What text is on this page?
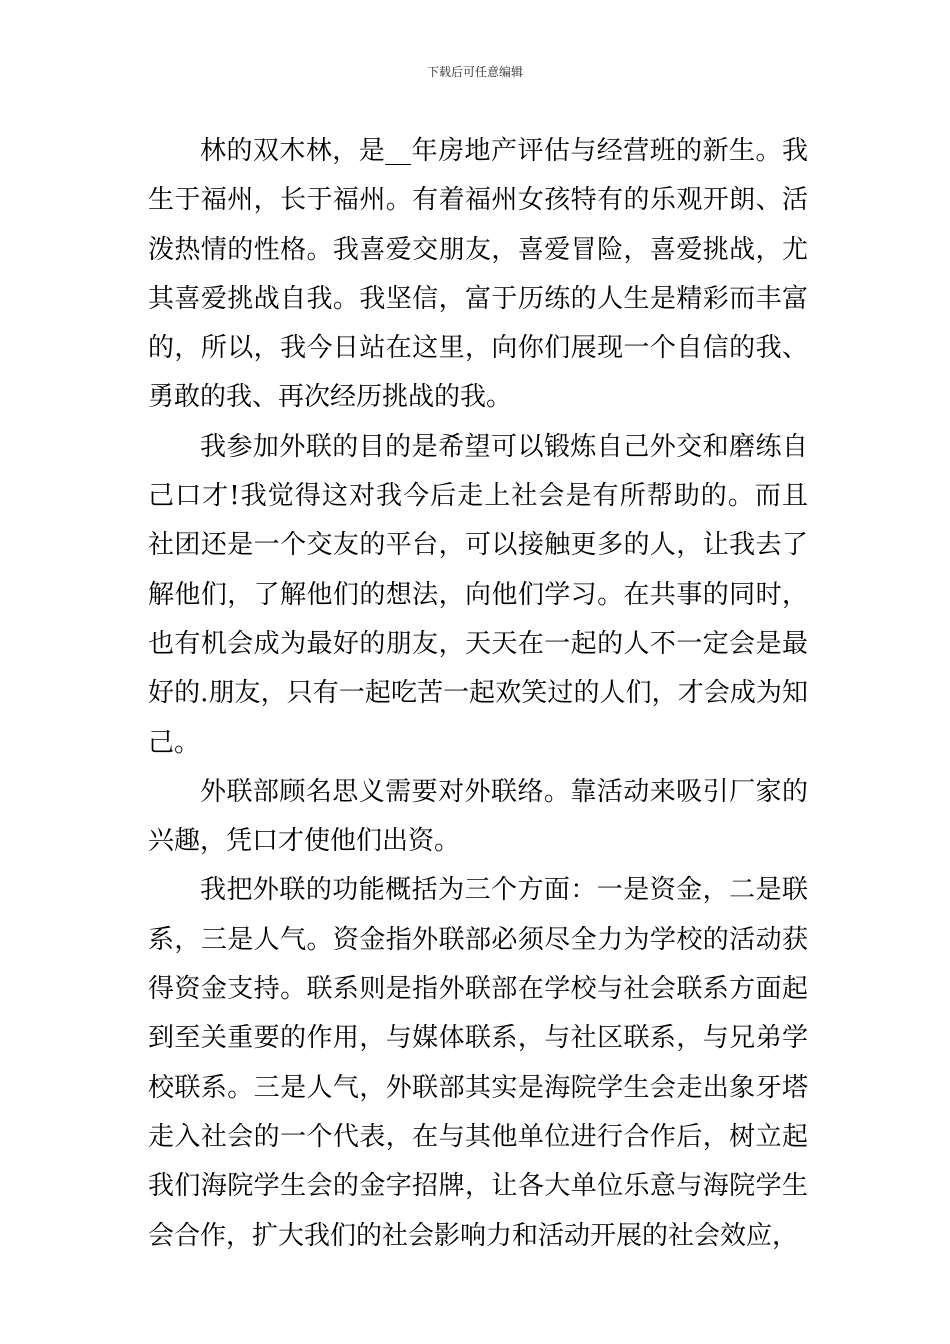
下载后可任意编辑

林的双木林，是__年房地产评估与经营班的新生。我生于福州，长于福州。有着福州女孩特有的乐观开朗、活泼热情的性格。我喜爱交朋友，喜爱冒险，喜爱挑战，尤其喜爱挑战自我。我坚信，富于历练的人生是精彩而丰富的，所以，我今日站在这里，向你们展现一个自信的我、勇敢的我、再次经历挑战的我。

我参加外联的目的是希望可以锻炼自己外交和磨练自己口才!我觉得这对我今后走上社会是有所帮助的。而且社团还是一个交友的平台，可以接触更多的人，让我去了解他们，了解他们的想法，向他们学习。在共事的同时，也有机会成为最好的朋友，天天在一起的人不一定会是最好的.朋友，只有一起吃苦一起欢笑过的人们，才会成为知己。

外联部顾名思义需要对外联络。靠活动来吸引厂家的兴趣，凭口才使他们出资。

我把外联的功能概括为三个方面：一是资金，二是联系，三是人气。资金指外联部必须尽全力为学校的活动获得资金支持。联系则是指外联部在学校与社会联系方面起到至关重要的作用，与媒体联系，与社区联系，与兄弟学校联系。三是人气，外联部其实是海院学生会走出象牙塔走入社会的一个代表，在与其他单位进行合作后，树立起我们海院学生会的金字招牌，让各大单位乐意与海院学生会合作，扩大我们的社会影响力和活动开展的社会效应，
